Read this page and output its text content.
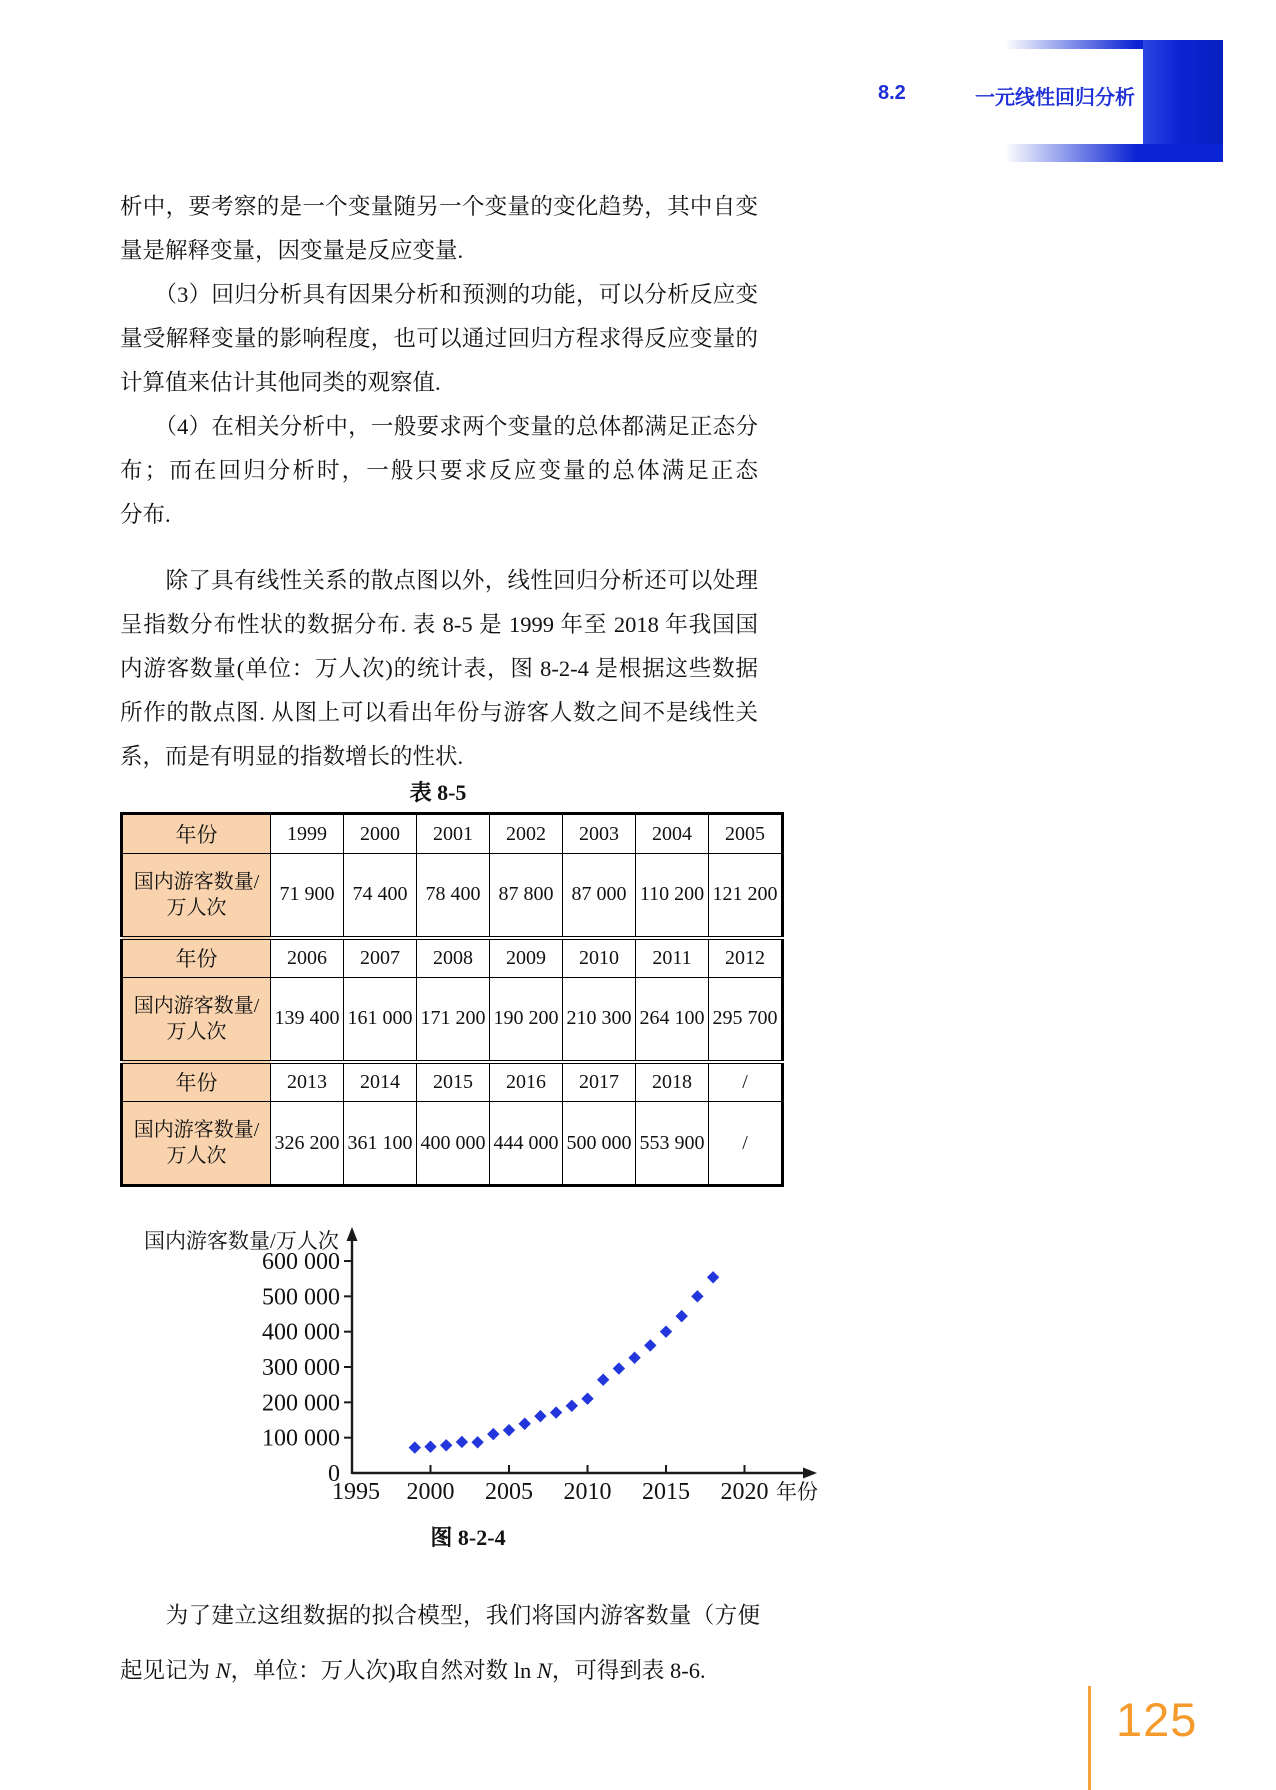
8.2	一元线性回归分析
析中，要考察的是一个变量随另一个变量的变化趋势，其中自变
量是解释变量，因变量是反应变量.
　　（3）回归分析具有因果分析和预测的功能，可以分析反应变
量受解释变量的影响程度，也可以通过回归方程求得反应变量的
计算值来估计其他同类的观察值.
　　（4）在相关分析中，一般要求两个变量的总体都满足正态分
布；而在回归分析时，一般只要求反应变量的总体满足正态
分布.
　　除了具有线性关系的散点图以外，线性回归分析还可以处理
呈指数分布性状的数据分布. 表 8-5 是 1999 年至 2018 年我国国
内游客数量(单位：万人次)的统计表，图 8-2-4 是根据这些数据
所作的散点图. 从图上可以看出年份与游客人数之间不是线性关
系，而是有明显的指数增长的性状.
表 8-5
年份	1999	2000	2001	2002	2003	2004	2005
国内游客数量/万人次	71 900	74 400	78 400	87 800	87 000	110 200	121 200
年份	2006	2007	2008	2009	2010	2011	2012
国内游客数量/万人次	139 400	161 000	171 200	190 200	210 300	264 100	295 700
年份	2013	2014	2015	2016	2017	2018	/
国内游客数量/万人次	326 200	361 100	400 000	444 000	500 000	553 900	/
1995 2000 2005 2010 2015 2020
0
100 000
200 000
300 000
400 000
500 000
600 000
国内游客数量/万人次
年份
图 8-2-4
　　为了建立这组数据的拟合模型，我们将国内游客数量（方便
起见记为 N，单位：万人次)取自然对数 ln N，可得到表 8-6.
125
